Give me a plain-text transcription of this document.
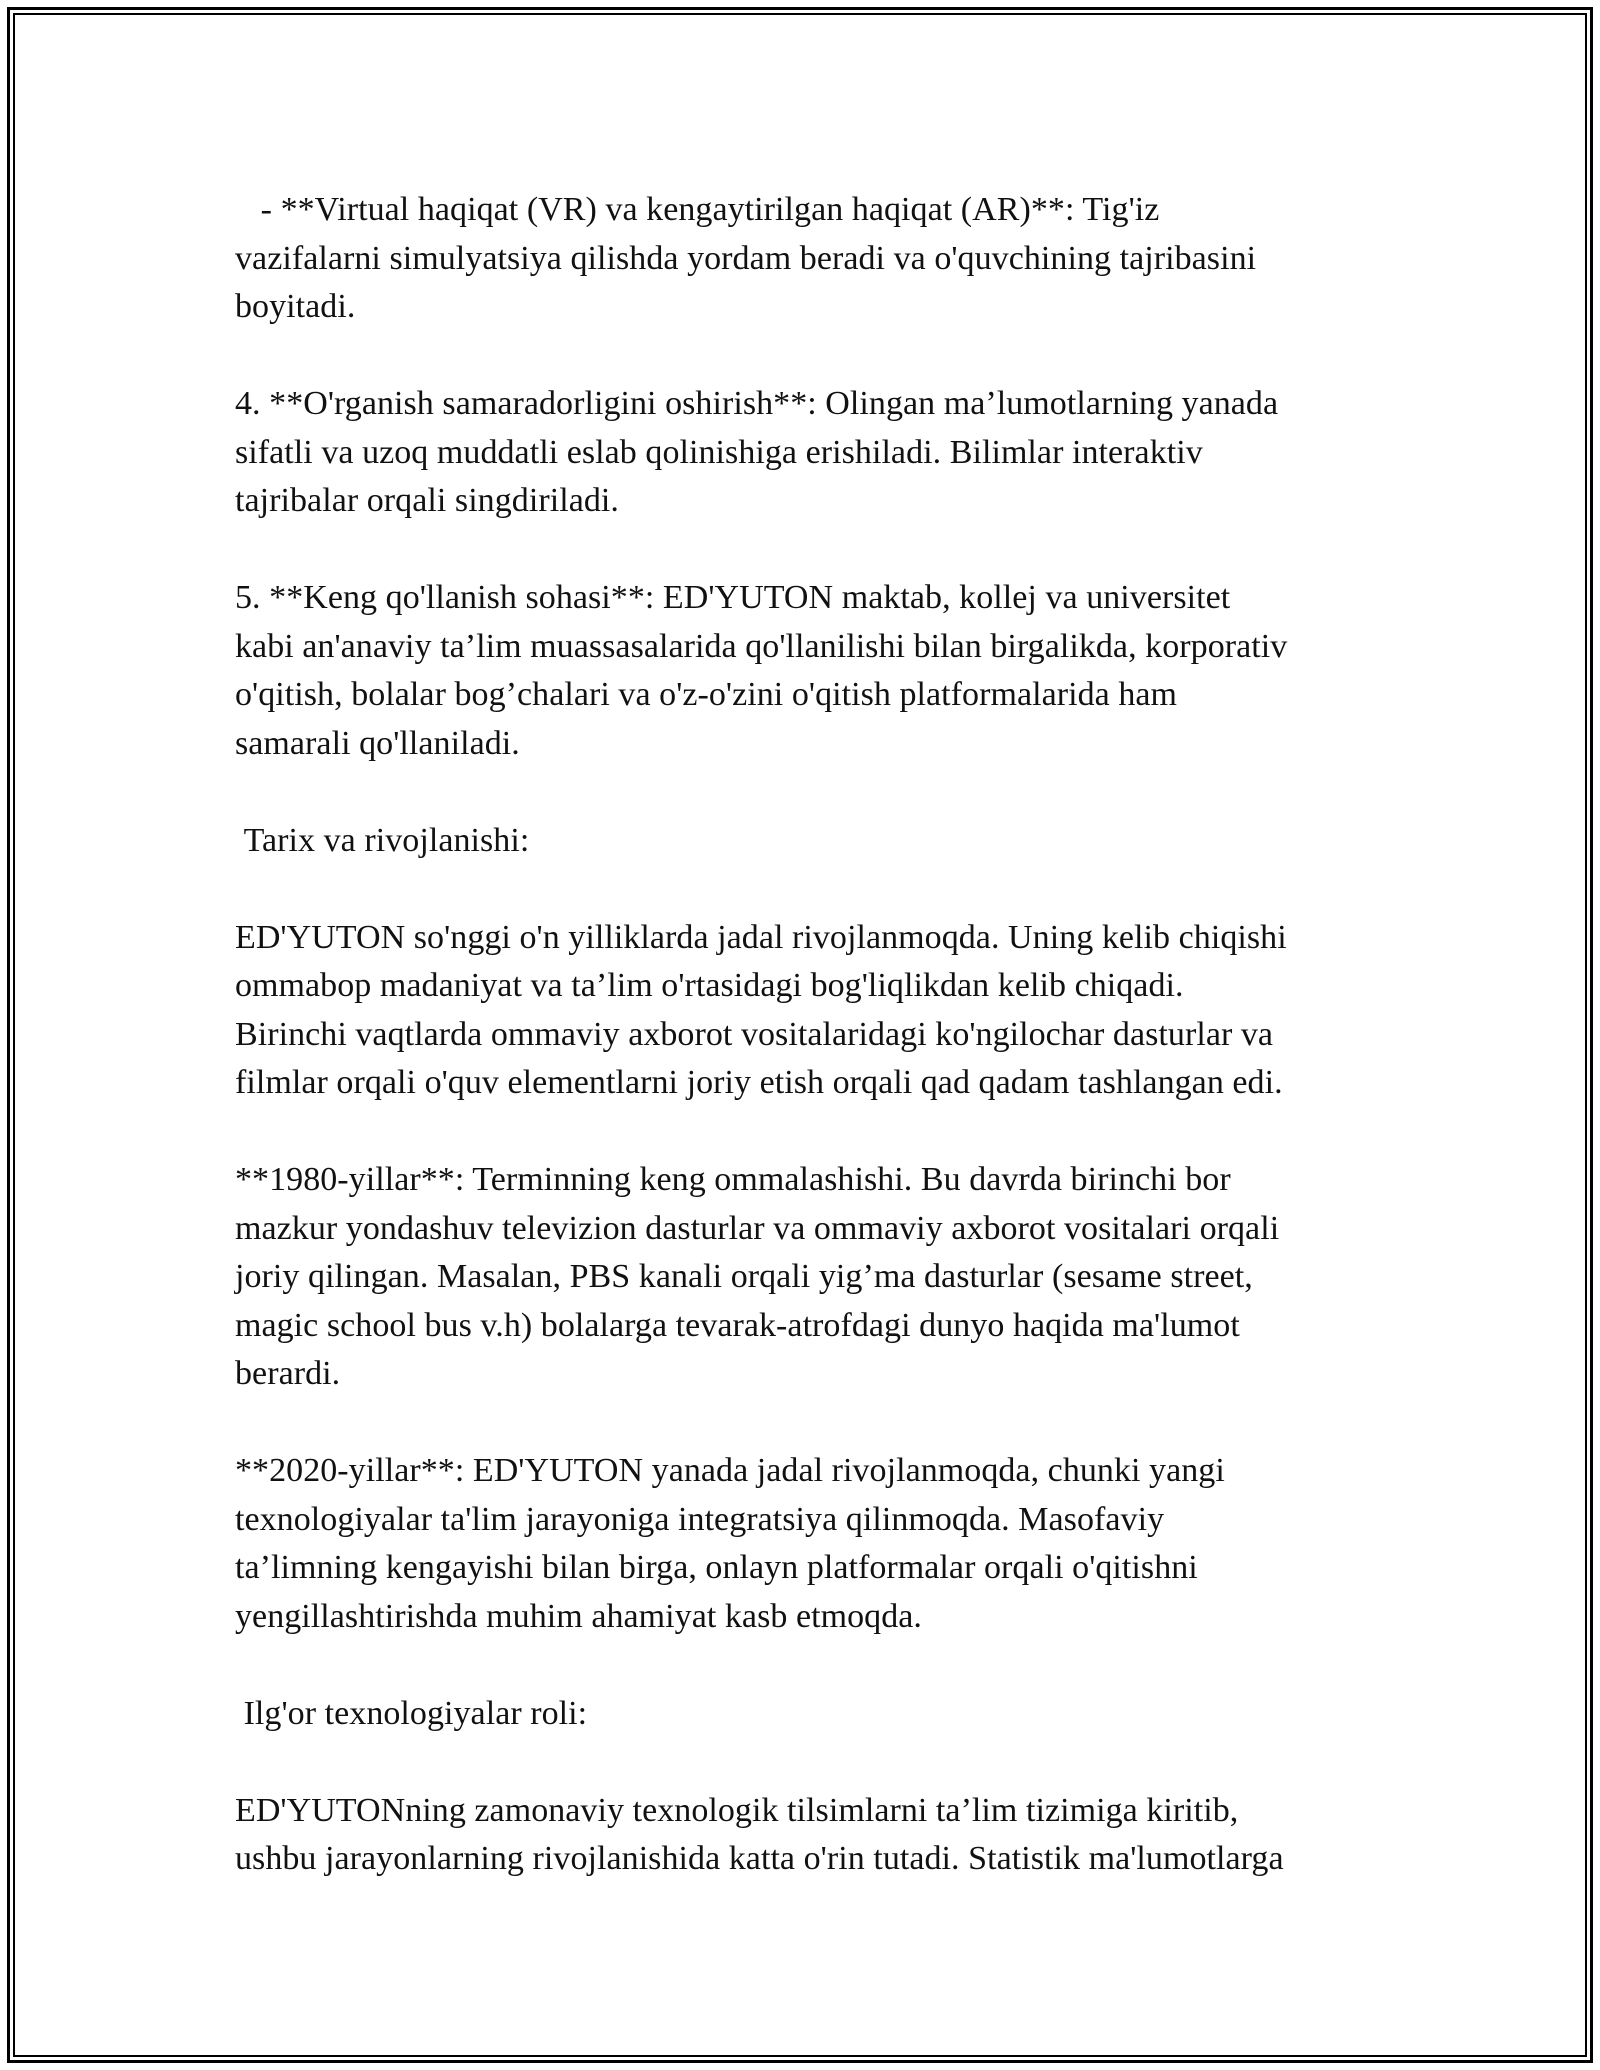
- **Virtual haqiqat (VR) va kengaytirilgan haqiqat (AR)**: Tig'iz
vazifalarni simulyatsiya qilishda yordam beradi va o'quvchining tajribasini
boyitadi.

4. **O'rganish samaradorligini oshirish**: Olingan ma’lumotlarning yanada
sifatli va uzoq muddatli eslab qolinishiga erishiladi. Bilimlar interaktiv
tajribalar orqali singdiriladi.

5. **Keng qo'llanish sohasi**: ED'YUTON maktab, kollej va universitet
kabi an'anaviy ta’lim muassasalarida qo'llanilishi bilan birgalikda, korporativ
o'qitish, bolalar bog’chalari va o'z-o'zini o'qitish platformalarida ham
samarali qo'llaniladi.

Tarix va rivojlanishi:

ED'YUTON so'nggi o'n yilliklarda jadal rivojlanmoqda. Uning kelib chiqishi
ommabop madaniyat va ta’lim o'rtasidagi bog'liqlikdan kelib chiqadi.
Birinchi vaqtlarda ommaviy axborot vositalaridagi ko'ngilochar dasturlar va
filmlar orqali o'quv elementlarni joriy etish orqali qad qadam tashlangan edi.

**1980-yillar**: Terminning keng ommalashishi. Bu davrda birinchi bor
mazkur yondashuv televizion dasturlar va ommaviy axborot vositalari orqali
joriy qilingan. Masalan, PBS kanali orqali yig’ma dasturlar (sesame street,
magic school bus v.h) bolalarga tevarak-atrofdagi dunyo haqida ma'lumot
berardi.

**2020-yillar**: ED'YUTON yanada jadal rivojlanmoqda, chunki yangi
texnologiyalar ta'lim jarayoniga integratsiya qilinmoqda. Masofaviy
ta’limning kengayishi bilan birga, onlayn platformalar orqali o'qitishni
yengillashtirishda muhim ahamiyat kasb etmoqda.

Ilg'or texnologiyalar roli:

ED'YUTONning zamonaviy texnologik tilsimlarni ta’lim tizimiga kiritib,
ushbu jarayonlarning rivojlanishida katta o'rin tutadi. Statistik ma'lumotlarga
